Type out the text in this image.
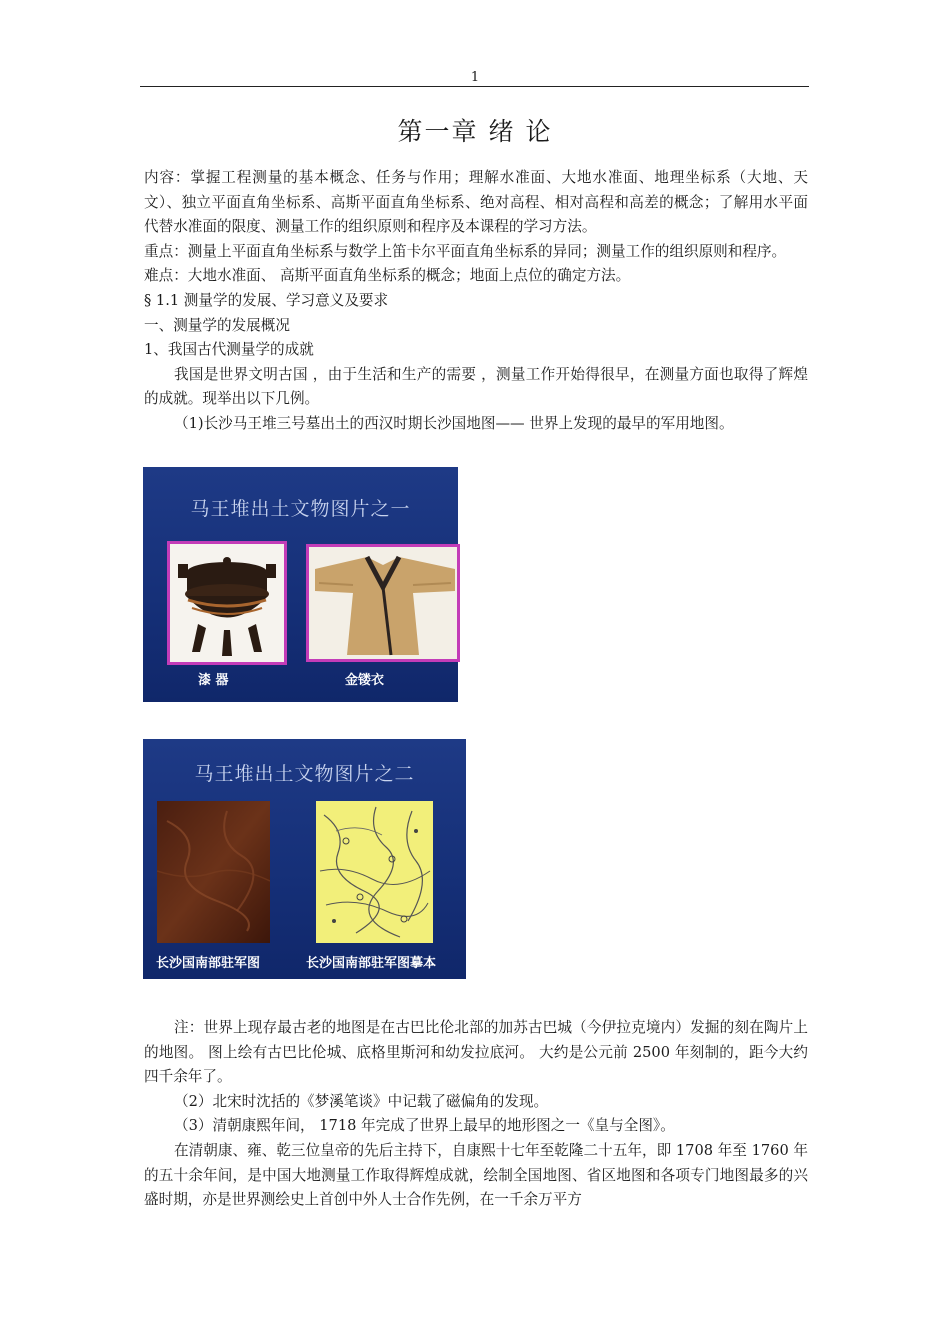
1
第一章 绪 论

内容：掌握工程测量的基本概念、任务与作用；理解水准面、大地水准面、地理坐标系（大地、天文）、独立平面直角坐标系、高斯平面直角坐标系、绝对高程、相对高程和高差的概念；了解用水平面代替水准面的限度、测量工作的组织原则和程序及本课程的学习方法。

重点：测量上平面直角坐标系与数学上笛卡尔平面直角坐标系的异同；测量工作的组织原则和程序。

难点：大地水准面、 高斯平面直角坐标系的概念；地面上点位的确定方法。

§ 1.1 测量学的发展、学习意义及要求

一、测量学的发展概况

1、我国古代测量学的成就

我国是世界文明古国 ，由于生活和生产的需要 ，测量工作开始得很早，在测量方面也取得了辉煌的成就。现举出以下几例。

（1)长沙马王堆三号墓出土的西汉时期长沙国地图—— 世界上发现的最早的军用地图。

马王堆出土文物图片之一
漆 器	金镂衣
马王堆出土文物图片之二
长沙国南部驻军图	长沙国南部驻军图摹本

注：世界上现存最古老的地图是在古巴比伦北部的加苏古巴城（今伊拉克境内）发掘的刻在陶片上的地图。 图上绘有古巴比伦城、底格里斯河和幼发拉底河。 大约是公元前 2500 年刻制的，距今大约四千余年了。

（2）北宋时沈括的《梦溪笔谈》中记载了磁偏角的发现。

（3）清朝康熙年间， 1718 年完成了世界上最早的地形图之一《皇与全图》。

在清朝康、雍、乾三位皇帝的先后主持下，自康熙十七年至乾隆二十五年，即 1708 年至 1760 年的五十余年间，是中国大地测量工作取得辉煌成就，绘制全国地图、省区地图和各项专门地图最多的兴盛时期，亦是世界测绘史上首创中外人士合作先例，在一千余万平方
